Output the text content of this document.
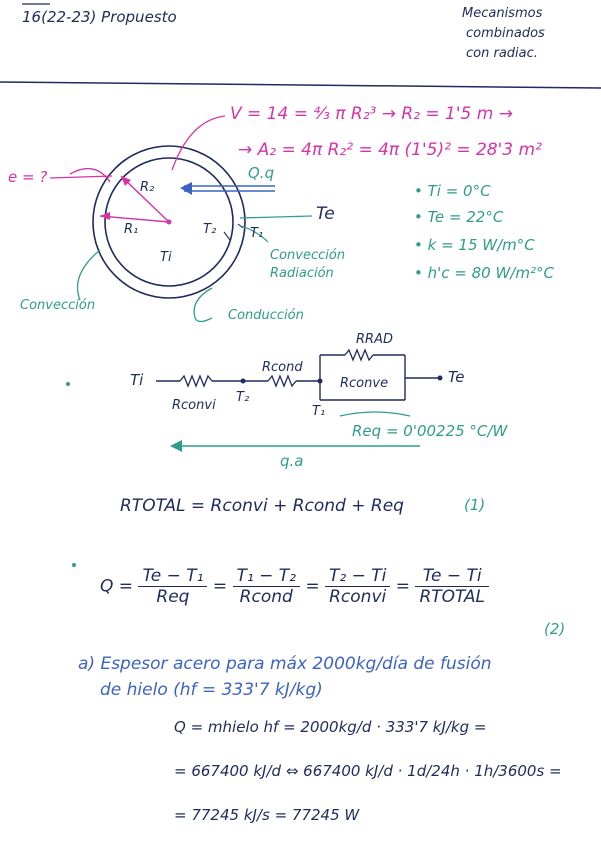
16(22-23) Propuesto	Mecanismos
combinados
con radiac.
V = 14 = ⁴⁄₃ π R₂³ → R₂ = 1'5 m →
→ A₂ = 4π R₂² = 4π (1'5)² = 28'3 m²
e = ?
R₂
R₁
Ti
T₂	T₁
Te
Q.q
Convección
Radiación
Convección
Conducción
• Ti = 0°C
• Te = 22°C
• k = 15 W/m°C
• h'c = 80 W/m²°C
Ti	Te
T₂
T₁
Rconvi
Rcond
RRAD
Rconve
Req = 0'00225 °C/W
q.a
RTOTAL = Rconvi + Rcond + Req	(1)
$Q = \frac{\text{Te − T₁}}{\text{Req}} = \frac{\text{T₁ − T₂}}{\text{Rcond}} = \frac{\text{T₂ − Ti}}{\text{Rconvi}} = \frac{Te - Ti}{\text{RTOTAL}}$
(2)
a) Espesor acero para máx 2000kg/día de fusión
de hielo (hf = 333'7 kJ/kg)
Q = mhielo hf = 2000kg/d · 333'7 kJ/kg =
= 667400 kJ/d ⇔ 667400 kJ/d · 1d/24h · 1h/3600s =
= 77245 kJ/s = 77245 W
